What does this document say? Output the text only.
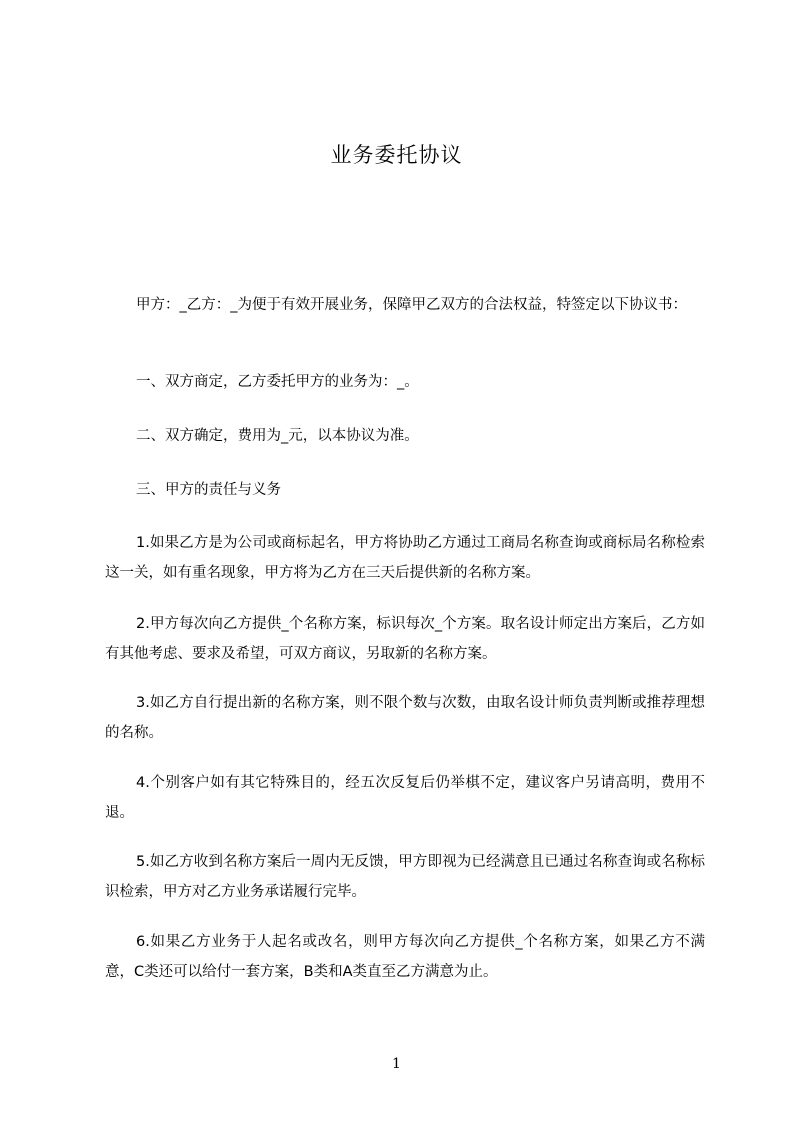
业务委托协议

甲方：_乙方：_为便于有效开展业务，保障甲乙双方的合法权益，特签定以下协议书：

一、双方商定，乙方委托甲方的业务为：_。

二、双方确定，费用为_元，以本协议为准。

三、甲方的责任与义务

1.如果乙方是为公司或商标起名，甲方将协助乙方通过工商局名称查询或商标局名称检索这一关，如有重名现象，甲方将为乙方在三天后提供新的名称方案。

2.甲方每次向乙方提供_个名称方案，标识每次_个方案。取名设计师定出方案后，乙方如有其他考虑、要求及希望，可双方商议，另取新的名称方案。

3.如乙方自行提出新的名称方案，则不限个数与次数，由取名设计师负责判断或推荐理想的名称。

4.个别客户如有其它特殊目的，经五次反复后仍举棋不定，建议客户另请高明，费用不退。

5.如乙方收到名称方案后一周内无反馈，甲方即视为已经满意且已通过名称查询或名称标识检索，甲方对乙方业务承诺履行完毕。

6.如果乙方业务于人起名或改名，则甲方每次向乙方提供_个名称方案，如果乙方不满意，C类还可以给付一套方案，B类和A类直至乙方满意为止。

1
